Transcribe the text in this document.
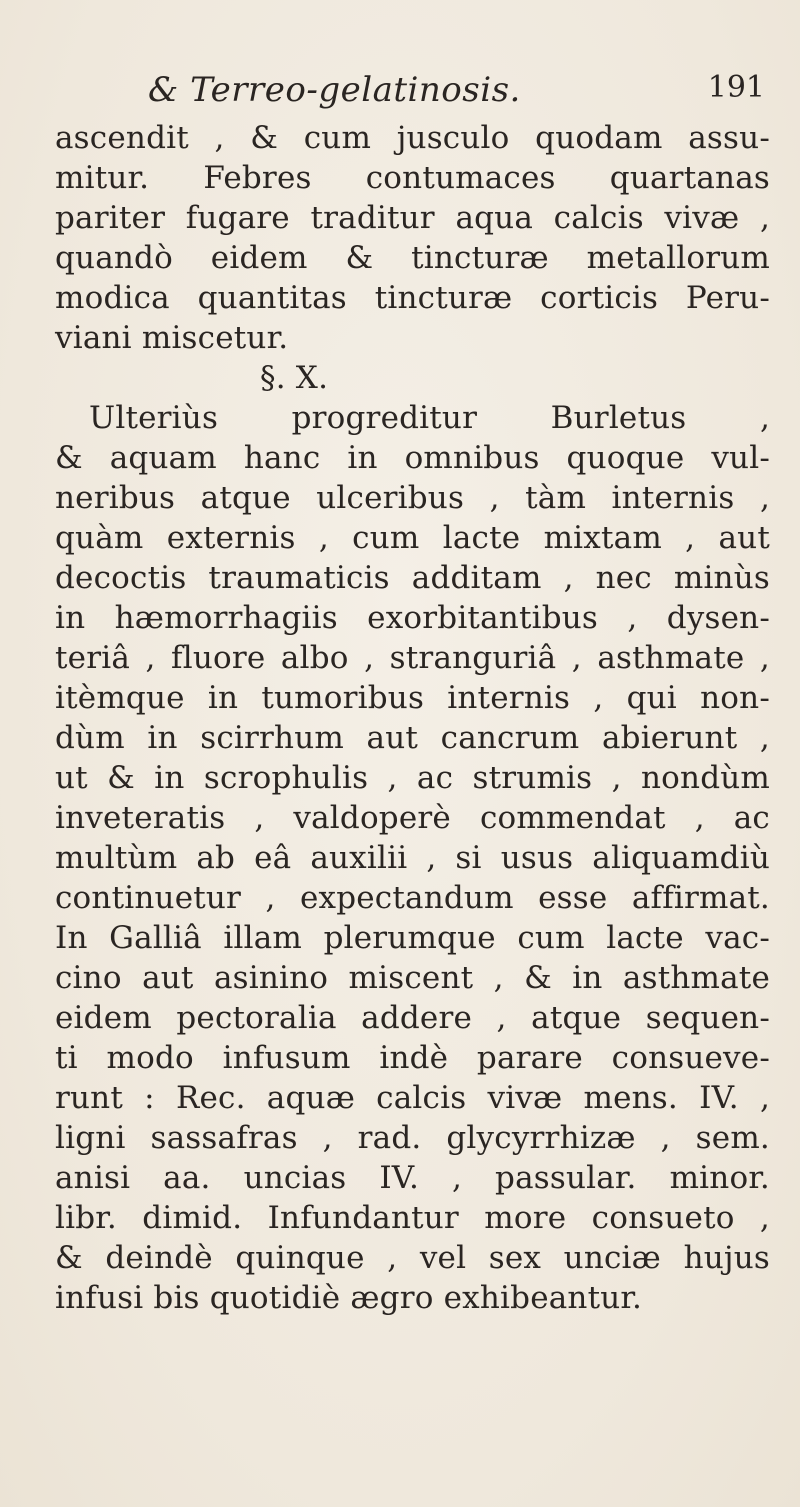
& Terreo-gelatinosis.	191
ascendit , & cum jusculo quodam assu-
mitur. Febres contumaces quartanas
pariter fugare traditur aqua calcis vivæ ,
quandò eidem & tincturæ metallorum
modica quantitas tincturæ corticis Peru-
viani miscetur.
§. X.
Ulteriùs progreditur Burletus ,
& aquam hanc in omnibus quoque vul-
neribus atque ulceribus , tàm internis ,
quàm externis , cum lacte mixtam , aut
decoctis traumaticis additam , nec minùs
in hæmorrhagiis exorbitantibus , dysen-
teriâ , fluore albo , stranguriâ , asthmate ,
itèmque in tumoribus internis , qui non-
dùm in scirrhum aut cancrum abierunt ,
ut & in scrophulis , ac strumis , nondùm
inveteratis , valdoperè commendat , ac
multùm ab eâ auxilii , si usus aliquamdiù
continuetur , expectandum esse affirmat.
In Galliâ illam plerumque cum lacte vac-
cino aut asinino miscent , & in asthmate
eidem pectoralia addere , atque sequen-
ti modo infusum indè parare consueve-
runt : Rec. aquæ calcis vivæ mens. IV. ,
ligni sassafras , rad. glycyrrhizæ , sem.
anisi aa. uncias IV. , passular. minor.
libr. dimid. Infundantur more consueto ,
& deindè quinque , vel sex unciæ hujus
infusi bis quotidiè ægro exhibeantur.
